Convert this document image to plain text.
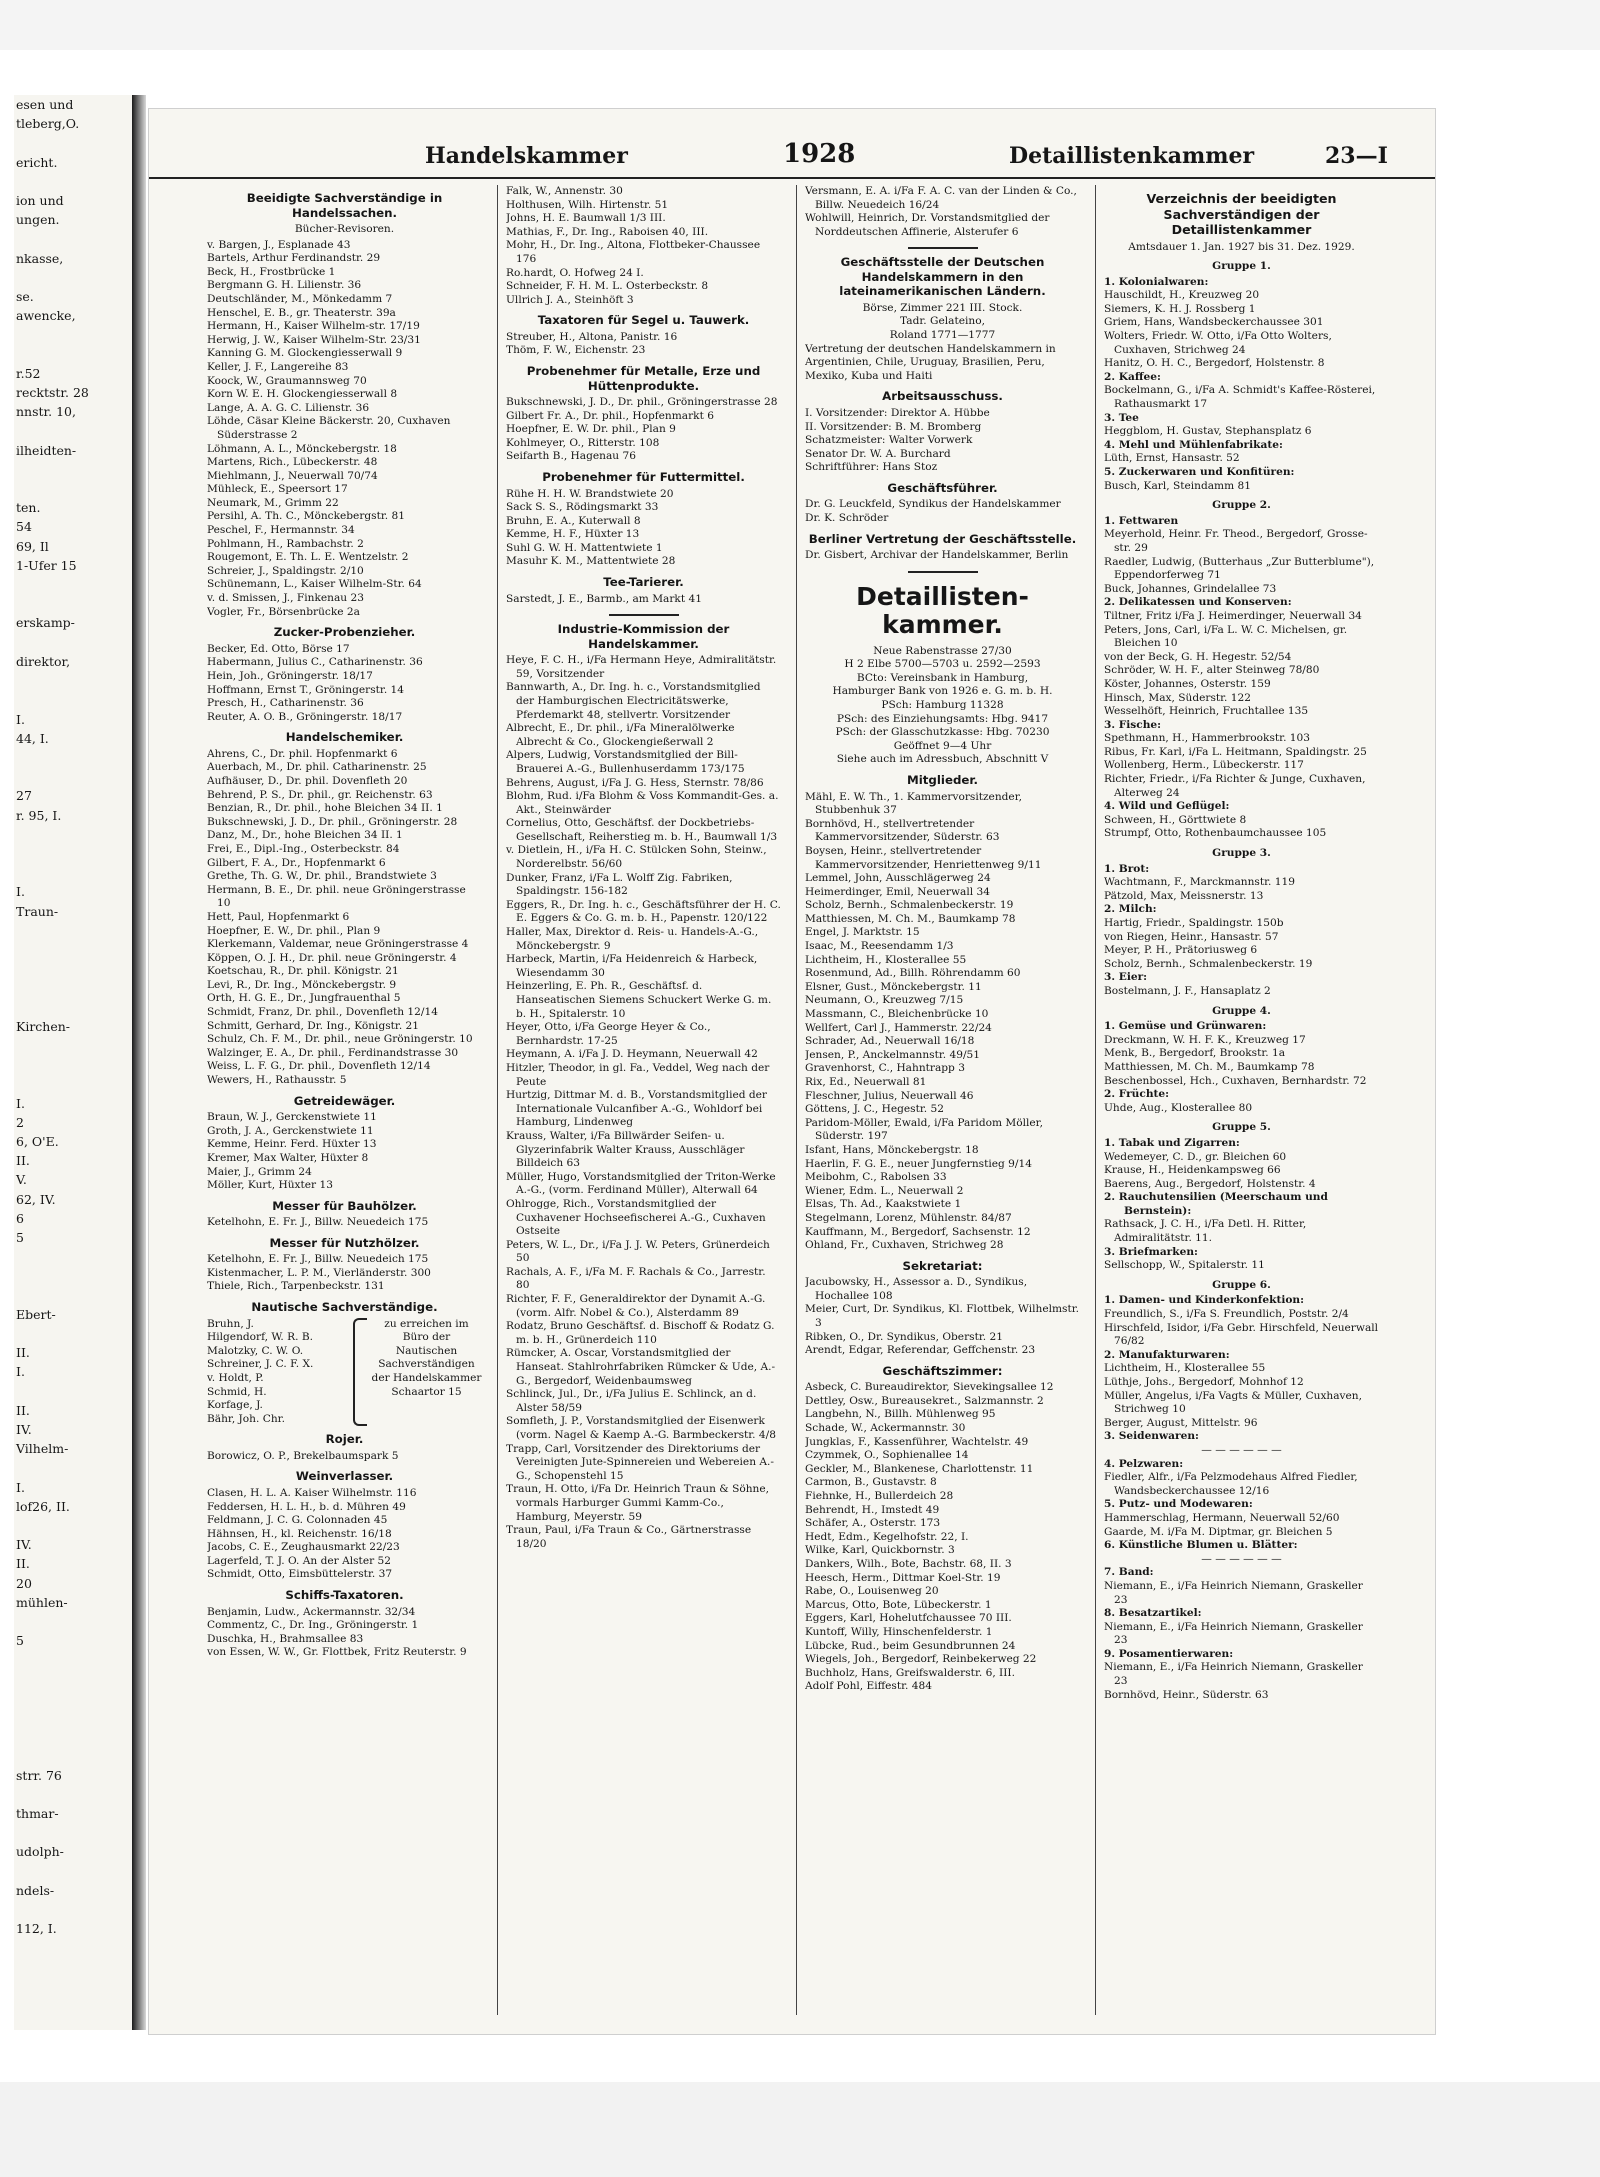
esen und
tleberg,O.

ericht.

ion und
ungen.

nkasse,

se.
awencke,

r.52
recktstr. 28
nnstr. 10,

ilheidten-

ten.
54
69, Il
1-Ufer 15

erskamp-

direktor,

I.
44, I.

27
r. 95, I.

I.
Traun-

Kirchen-

I.
2
6, O'E.
II.
V.
62, IV.
6
5

Ebert-

II.
I.

II.
IV.
Vilhelm-

I.
lof26, II.

IV.
II.
20
mühlen-

5

strr. 76

thmar-

udolph-

ndels-

112, I.
Handelskammer	1928	Detaillistenkammer	23—I
Beeidigte Sachverständige in Handelssachen.
Bücher-Revisoren.
v. Bargen, J., Esplanade 43
Bartels, Arthur Ferdinandstr. 29
Beck, H., Frostbrücke 1
Bergmann G. H. Lilienstr. 36
Deutschländer, M., Mönkedamm 7
Henschel, E. B., gr. Theaterstr. 39a
Hermann, H., Kaiser Wilhelm-str. 17/19
Herwig, J. W., Kaiser Wilhelm-Str. 23/31
Kanning G. M. Glockengiesserwall 9
Keller, J. F., Langereihe 83
Koock, W., Graumannsweg 70
Korn W. E. H. Glockengiesserwall 8
Lange, A. A. G. C. Lilienstr. 36
Löhde, Cäsar Kleine Bäckerstr. 20, Cuxhaven Süderstrasse 2
Löhmann, A. L., Mönckebergstr. 18
Martens, Rich., Lübeckerstr. 48
Miehlmann, J., Neuerwall 70/74
Mühleck, E., Speersort 17
Neumark, M., Grimm 22
Persihl, A. Th. C., Mönckebergstr. 81
Peschel, F., Hermannstr. 34
Pohlmann, H., Rambachstr. 2
Rougemont, E. Th. L. E. Wentzelstr. 2
Schreier, J., Spaldingstr. 2/10
Schünemann, L., Kaiser Wilhelm-Str. 64
v. d. Smissen, J., Finkenau 23
Vogler, Fr., Börsenbrücke 2a
Zucker-Probenzieher.
Becker, Ed. Otto, Börse 17
Habermann, Julius C., Catharinenstr. 36
Hein, Joh., Gröningerstr. 18/17
Hoffmann, Ernst T., Gröningerstr. 14
Presch, H., Catharinenstr. 36
Reuter, A. O. B., Gröningerstr. 18/17
Handelschemiker.
Ahrens, C., Dr. phil. Hopfenmarkt 6
Auerbach, M., Dr. phil. Catharinenstr. 25
Aufhäuser, D., Dr. phil. Dovenfleth 20
Behrend, P. S., Dr. phil., gr. Reichenstr. 63
Benzian, R., Dr. phil., hohe Bleichen 34 II. 1
Bukschnewski, J. D., Dr. phil., Gröningerstr. 28
Danz, M., Dr., hohe Bleichen 34 II. 1
Frei, E., Dipl.-Ing., Osterbeckstr. 84
Gilbert, F. A., Dr., Hopfenmarkt 6
Grethe, Th. G. W., Dr. phil., Brandstwiete 3
Hermann, B. E., Dr. phil. neue Gröningerstrasse 10
Hett, Paul, Hopfenmarkt 6
Hoepfner, E. W., Dr. phil., Plan 9
Klerkemann, Valdemar, neue Gröningerstrasse 4
Köppen, O. J. H., Dr. phil. neue Gröningerstr. 4
Koetschau, R., Dr. phil. Königstr. 21
Levi, R., Dr. Ing., Mönckebergstr. 9
Orth, H. G. E., Dr., Jungfrauenthal 5
Schmidt, Franz, Dr. phil., Dovenfleth 12/14
Schmitt, Gerhard, Dr. Ing., Königstr. 21
Schulz, Ch. F. M., Dr. phil., neue Gröningerstr. 10
Walzinger, E. A., Dr. phil., Ferdinandstrasse 30
Weiss, L. F. G., Dr. phil., Dovenfleth 12/14
Wewers, H., Rathausstr. 5
Getreidewäger.
Braun, W. J., Gerckenstwiete 11
Groth, J. A., Gerckenstwiete 11
Kemme, Heinr. Ferd. Hüxter 13
Kremer, Max Walter, Hüxter 8
Maier, J., Grimm 24
Möller, Kurt, Hüxter 13
Messer für Bauhölzer.
Ketelhohn, E. Fr. J., Billw. Neuedeich 175
Messer für Nutzhölzer.
Ketelhohn, E. Fr. J., Billw. Neuedeich 175
Kistenmacher, L. P. M., Vierländerstr. 300
Thiele, Rich., Tarpenbeckstr. 131
Nautische Sachverständige.
Bruhn, J.
Hilgendorf, W. R. B.
Malotzky, C. W. O.
Schreiner, J. C. F. X.
v. Holdt, P.
Schmid, H.
Korfage, J.
Bähr, Joh. Chr.
zu erreichen im Büro der Nautischen Sachverständigen der Handelskammer Schaartor 15
Rojer.
Borowicz, O. P., Brekelbaumspark 5
Weinverlasser.
Clasen, H. L. A. Kaiser Wilhelmstr. 116
Feddersen, H. L. H., b. d. Mühren 49
Feldmann, J. C. G. Colonnaden 45
Hähnsen, H., kl. Reichenstr. 16/18
Jacobs, C. E., Zeughausmarkt 22/23
Lagerfeld, T. J. O. An der Alster 52
Schmidt, Otto, Eimsbüttelerstr. 37
Schiffs-Taxatoren.
Benjamin, Ludw., Ackermannstr. 32/34
Commentz, C., Dr. Ing., Gröningerstr. 1
Duschka, H., Brahmsallee 83
von Essen, W. W., Gr. Flottbek, Fritz Reuterstr. 9
Falk, W., Annenstr. 30
Holthusen, Wilh. Hirtenstr. 51
Johns, H. E. Baumwall 1/3 III.
Mathias, F., Dr. Ing., Raboisen 40, III.
Mohr, H., Dr. Ing., Altona, Flottbeker-Chaussee 176
Ro.hardt, O. Hofweg 24 I.
Schneider, F. H. M. L. Osterbeckstr. 8
Ullrich J. A., Steinhöft 3
Taxatoren für Segel u. Tauwerk.
Streuber, H., Altona, Panistr. 16
Thöm, F. W., Eichenstr. 23
Probenehmer für Metalle, Erze und Hüttenprodukte.
Bukschnewski, J. D., Dr. phil., Gröningerstrasse 28
Gilbert Fr. A., Dr. phil., Hopfenmarkt 6
Hoepfner, E. W. Dr. phil., Plan 9
Kohlmeyer, O., Ritterstr. 108
Seifarth B., Hagenau 76
Probenehmer für Futtermittel.
Rühe H. H. W. Brandstwiete 20
Sack S. S., Rödingsmarkt 33
Bruhn, E. A., Kuterwall 8
Kemme, H. F., Hüxter 13
Suhl G. W. H. Mattentwiete 1
Masuhr K. M., Mattentwiete 28
Tee-Tarierer.
Sarstedt, J. E., Barmb., am Markt 41
Industrie-Kommission der Handelskammer.
Heye, F. C. H., i/Fa Hermann Heye, Admiralitätstr. 59, Vorsitzender
Bannwarth, A., Dr. Ing. h. c., Vorstandsmitglied der Hamburgischen Electricitätswerke, Pferdemarkt 48, stellvertr. Vorsitzender
Albrecht, E., Dr. phil., i/Fa Mineralölwerke Albrecht & Co., Glockengießerwall 2
Alpers, Ludwig, Vorstandsmitglied der Bill-Brauerei A.-G., Bullenhuserdamm 173/175
Behrens, August, i/Fa J. G. Hess, Sternstr. 78/86
Blohm, Rud. i/Fa Blohm & Voss Kommandit-Ges. a. Akt., Steinwärder
Cornelius, Otto, Geschäftsf. der Dockbetriebs-Gesellschaft, Reiherstieg m. b. H., Baumwall 1/3
v. Dietlein, H., i/Fa H. C. Stülcken Sohn, Steinw., Norderelbstr. 56/60
Dunker, Franz, i/Fa L. Wolff Zig. Fabriken, Spaldingstr. 156-182
Eggers, R., Dr. Ing. h. c., Geschäftsführer der H. C. E. Eggers & Co. G. m. b. H., Papenstr. 120/122
Haller, Max, Direktor d. Reis- u. Handels-A.-G., Mönckebergstr. 9
Harbeck, Martin, i/Fa Heidenreich & Harbeck, Wiesendamm 30
Heinzerling, E. Ph. R., Geschäftsf. d. Hanseatischen Siemens Schuckert Werke G. m. b. H., Spitalerstr. 10
Heyer, Otto, i/Fa George Heyer & Co., Bernhardstr. 17-25
Heymann, A. i/Fa J. D. Heymann, Neuerwall 42
Hitzler, Theodor, in gl. Fa., Veddel, Weg nach der Peute
Hurtzig, Dittmar M. d. B., Vorstandsmitglied der Internationale Vulcanfiber A.-G., Wohldorf bei Hamburg, Lindenweg
Krauss, Walter, i/Fa Billwärder Seifen- u. Glyzerinfabrik Walter Krauss, Ausschläger Billdeich 63
Müller, Hugo, Vorstandsmitglied der Triton-Werke A.-G., (vorm. Ferdinand Müller), Alterwall 64
Ohlrogge, Rich., Vorstandsmitglied der Cuxhavener Hochseefischerei A.-G., Cuxhaven Ostseite
Peters, W. L., Dr., i/Fa J. J. W. Peters, Grünerdeich 50
Rachals, A. F., i/Fa M. F. Rachals & Co., Jarrestr. 80
Richter, F. F., Generaldirektor der Dynamit A.-G. (vorm. Alfr. Nobel & Co.), Alsterdamm 89
Rodatz, Bruno Geschäftsf. d. Bischoff & Rodatz G. m. b. H., Grünerdeich 110
Rümcker, A. Oscar, Vorstandsmitglied der Hanseat. Stahlrohrfabriken Rümcker & Ude, A.-G., Bergedorf, Weidenbaumsweg
Schlinck, Jul., Dr., i/Fa Julius E. Schlinck, an d. Alster 58/59
Somfleth, J. P., Vorstandsmitglied der Eisenwerk (vorm. Nagel & Kaemp A.-G. Barmbeckerstr. 4/8
Trapp, Carl, Vorsitzender des Direktoriums der Vereinigten Jute-Spinnereien und Webereien A.-G., Schopenstehl 15
Traun, H. Otto, i/Fa Dr. Heinrich Traun & Söhne, vormals Harburger Gummi Kamm-Co., Hamburg, Meyerstr. 59
Traun, Paul, i/Fa Traun & Co., Gärtnerstrasse 18/20
Versmann, E. A. i/Fa F. A. C. van der Linden & Co., Billw. Neuedeich 16/24
Wohlwill, Heinrich, Dr. Vorstandsmitglied der Norddeutschen Affinerie, Alsterufer 6
Geschäftsstelle der Deutschen Handelskammern in den lateinamerikanischen Ländern.
Börse, Zimmer 221 III. Stock.
Tadr. Gelateino,
Roland 1771—1777
Vertretung der deutschen Handelskammern in Argentinien, Chile, Uruguay, Brasilien, Peru, Mexiko, Kuba und Haiti
Arbeitsausschuss.
I. Vorsitzender: Direktor A. Hübbe
II. Vorsitzender: B. M. Bromberg
Schatzmeister: Walter Vorwerk
Senator Dr. W. A. Burchard
Schriftführer: Hans Stoz
Geschäftsführer.
Dr. G. Leuckfeld, Syndikus der Handelskammer
Dr. K. Schröder
Berliner Vertretung der Geschäftsstelle.
Dr. Gisbert, Archivar der Handelskammer, Berlin
Detaillisten-kammer.
Neue Rabenstrasse 27/30
H 2 Elbe 5700—5703 u. 2592—2593
BCto: Vereinsbank in Hamburg,
Hamburger Bank von 1926 e. G. m. b. H.
PSch: Hamburg 11328
PSch: des Einziehungsamts: Hbg. 9417
PSch: der Glasschutzkasse: Hbg. 70230
Geöffnet 9—4 Uhr
Siehe auch im Adressbuch, Abschnitt V
Mitglieder.
Mähl, E. W. Th., 1. Kammervorsitzender, Stubbenhuk 37
Bornhövd, H., stellvertretender Kammervorsitzender, Süderstr. 63
Boysen, Heinr., stellvertretender Kammervorsitzender, Henriettenweg 9/11
Lemmel, John, Ausschlägerweg 24
Heimerdinger, Emil, Neuerwall 34
Scholz, Bernh., Schmalenbeckerstr. 19
Matthiessen, M. Ch. M., Baumkamp 78
Engel, J. Marktstr. 15
Isaac, M., Reesendamm 1/3
Lichtheim, H., Klosterallee 55
Rosenmund, Ad., Billh. Röhrendamm 60
Elsner, Gust., Mönckebergstr. 11
Neumann, O., Kreuzweg 7/15
Massmann, C., Bleichenbrücke 10
Wellfert, Carl J., Hammerstr. 22/24
Schrader, Ad., Neuerwall 16/18
Jensen, P., Anckelmannstr. 49/51
Gravenhorst, C., Hahntrapp 3
Rix, Ed., Neuerwall 81
Fleschner, Julius, Neuerwall 46
Göttens, J. C., Hegestr. 52
Paridom-Möller, Ewald, i/Fa Paridom Möller, Süderstr. 197
Isfant, Hans, Mönckebergstr. 18
Haerlin, F. G. E., neuer Jungfernstieg 9/14
Meibohm, C., Rabolsen 33
Wiener, Edm. L., Neuerwall 2
Elsas, Th. Ad., Kaakstwiete 1
Stegelmann, Lorenz, Mühlenstr. 84/87
Kauffmann, M., Bergedorf, Sachsenstr. 12
Ohland, Fr., Cuxhaven, Strichweg 28
Sekretariat:
Jacubowsky, H., Assessor a. D., Syndikus, Hochallee 108
Meier, Curt, Dr. Syndikus, Kl. Flottbek, Wilhelmstr. 3
Ribken, O., Dr. Syndikus, Oberstr. 21
Arendt, Edgar, Referendar, Geffchenstr. 23
Geschäftszimmer:
Asbeck, C. Bureaudirektor, Sievekingsallee 12
Dettley, Osw., Bureausekret., Salzmannstr. 2
Langbehn, N., Billh. Mühlenweg 95
Schade, W., Ackermannstr. 30
Jungklas, F., Kassenführer, Wachtelstr. 49
Czymmek, O., Sophienallee 14
Geckler, M., Blankenese, Charlottenstr. 11
Carmon, B., Gustavstr. 8
Fiehnke, H., Bullerdeich 28
Behrendt, H., Imstedt 49
Schäfer, A., Osterstr. 173
Hedt, Edm., Kegelhofstr. 22, I.
Wilke, Karl, Quickbornstr. 3
Dankers, Wilh., Bote, Bachstr. 68, II. 3
Heesch, Herm., Dittmar Koel-Str. 19
Rabe, O., Louisenweg 20
Marcus, Otto, Bote, Lübeckerstr. 1
Eggers, Karl, Hohelutfchaussee 70 III.
Kuntoff, Willy, Hinschenfelderstr. 1
Lübcke, Rud., beim Gesundbrunnen 24
Wiegels, Joh., Bergedorf, Reinbekerweg 22
Buchholz, Hans, Greifswalderstr. 6, III.
Adolf Pohl, Eiffestr. 484
Verzeichnis der beeidigten Sachverständigen der Detaillistenkammer
Amtsdauer 1. Jan. 1927 bis 31. Dez. 1929.
Gruppe 1.
1. Kolonialwaren:
Hauschildt, H., Kreuzweg 20
Siemers, K. H. J. Rossberg 1
Griem, Hans, Wandsbeckerchaussee 301
Wolters, Friedr. W. Otto, i/Fa Otto Wolters, Cuxhaven, Strichweg 24
Hanitz, O. H. C., Bergedorf, Holstenstr. 8
2. Kaffee:
Bockelmann, G., i/Fa A. Schmidt's Kaffee-Rösterei, Rathausmarkt 17
3. Tee
Heggblom, H. Gustav, Stephansplatz 6
4. Mehl und Mühlenfabrikate:
Lüth, Ernst, Hansastr. 52
5. Zuckerwaren und Konfitüren:
Busch, Karl, Steindamm 81
Gruppe 2.
1. Fettwaren
Meyerhold, Heinr. Fr. Theod., Bergedorf, Grosse-str. 29
Raedler, Ludwig, (Butterhaus „Zur Butterblume"), Eppendorferweg 71
Buck, Johannes, Grindelallee 73
2. Delikatessen und Konserven:
Tiltner, Fritz i/Fa J. Heimerdinger, Neuerwall 34
Peters, Jons, Carl, i/Fa L. W. C. Michelsen, gr. Bleichen 10
von der Beck, G. H. Hegestr. 52/54
Schröder, W. H. F., alter Steinweg 78/80
Köster, Johannes, Osterstr. 159
Hinsch, Max, Süderstr. 122
Wesselhöft, Heinrich, Fruchtallee 135
3. Fische:
Spethmann, H., Hammerbrookstr. 103
Ribus, Fr. Karl, i/Fa L. Heitmann, Spaldingstr. 25
Wollenberg, Herm., Lübeckerstr. 117
Richter, Friedr., i/Fa Richter & Junge, Cuxhaven, Alterweg 24
4. Wild und Geflügel:
Schween, H., Görttwiete 8
Strumpf, Otto, Rothenbaumchaussee 105
Gruppe 3.
1. Brot:
Wachtmann, F., Marckmannstr. 119
Pätzold, Max, Meissnerstr. 13
2. Milch:
Hartig, Friedr., Spaldingstr. 150b
von Riegen, Heinr., Hansastr. 57
Meyer, P. H., Prätoriusweg 6
Scholz, Bernh., Schmalenbeckerstr. 19
3. Eier:
Bostelmann, J. F., Hansaplatz 2
Gruppe 4.
1. Gemüse und Grünwaren:
Dreckmann, W. H. F. K., Kreuzweg 17
Menk, B., Bergedorf, Brookstr. 1a
Matthiessen, M. Ch. M., Baumkamp 78
Beschenbossel, Hch., Cuxhaven, Bernhardstr. 72
2. Früchte:
Uhde, Aug., Klosterallee 80
Gruppe 5.
1. Tabak und Zigarren:
Wedemeyer, C. D., gr. Bleichen 60
Krause, H., Heidenkampsweg 66
Baerens, Aug., Bergedorf, Holstenstr. 4
2. Rauchutensilien (Meerschaum und Bernstein):
Rathsack, J. C. H., i/Fa Detl. H. Ritter, Admiralitätstr. 11.
3. Briefmarken:
Sellschopp, W., Spitalerstr. 11
Gruppe 6.
1. Damen- und Kinderkonfektion:
Freundlich, S., i/Fa S. Freundlich, Poststr. 2/4
Hirschfeld, Isidor, i/Fa Gebr. Hirschfeld, Neuerwall 76/82
2. Manufakturwaren:
Lichtheim, H., Klosterallee 55
Lüthje, Johs., Bergedorf, Mohnhof 12
Müller, Angelus, i/Fa Vagts & Müller, Cuxhaven, Strichweg 10
Berger, August, Mittelstr. 96
3. Seidenwaren:
— — — — — —
4. Pelzwaren:
Fiedler, Alfr., i/Fa Pelzmodehaus Alfred Fiedler, Wandsbeckerchaussee 12/16
5. Putz- und Modewaren:
Hammerschlag, Hermann, Neuerwall 52/60
Gaarde, M. i/Fa M. Diptmar, gr. Bleichen 5
6. Künstliche Blumen u. Blätter:
— — — — — —
7. Band:
Niemann, E., i/Fa Heinrich Niemann, Graskeller 23
8. Besatzartikel:
Niemann, E., i/Fa Heinrich Niemann, Graskeller 23
9. Posamentierwaren:
Niemann, E., i/Fa Heinrich Niemann, Graskeller 23
Bornhövd, Heinr., Süderstr. 63
